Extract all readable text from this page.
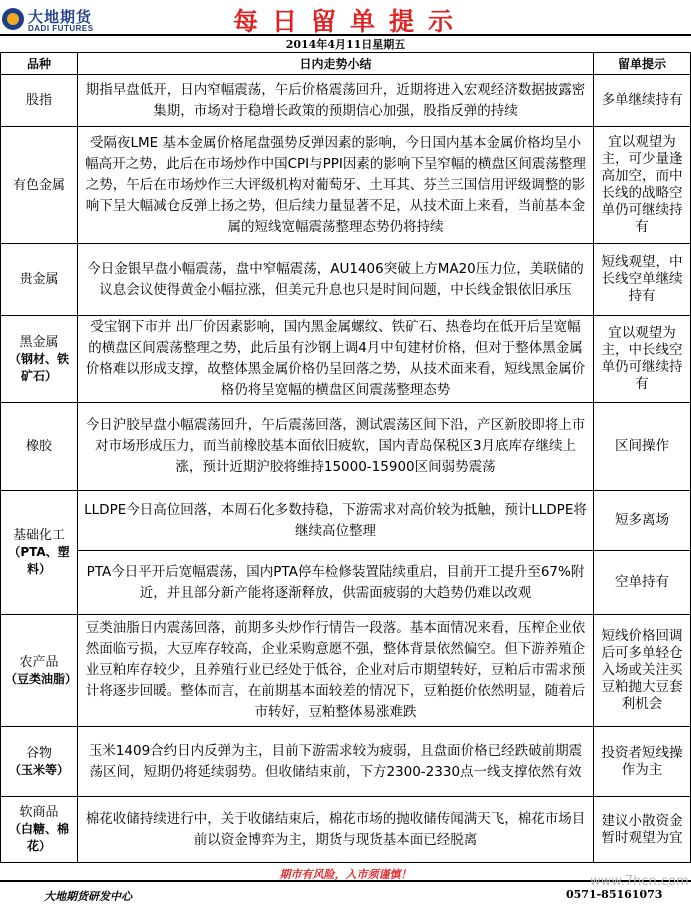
大地期货
DADI FUTURES	每日留单提示
2014年4月11日星期五
品种	日内走势小结	留单提示
股指	期指早盘低开，日内窄幅震荡，午后价格震荡回升，近期将进入宏观经济数据披露密集期，市场对于稳增长政策的预期信心加强，股指反弹的持续	多单继续持有
有色金属	受隔夜LME 基本金属价格尾盘强势反弹因素的影响，今日国内基本金属价格均呈小幅高开之势，此后在市场炒作中国CPI与PPI因素的影响下呈窄幅的横盘区间震荡整理之势，午后在市场炒作三大评级机构对葡萄牙、土耳其、芬兰三国信用评级调整的影响下呈大幅减仓反弹上扬之势，但后续力量显著不足，从技术面上来看，当前基本金属的短线宽幅震荡整理态势仍将持续	宜以观望为主，可少量逢高加空，而中长线的战略空单仍可继续持有
贵金属	今日金银早盘小幅震荡，盘中窄幅震荡，AU1406突破上方MA20压力位，美联储的议息会议使得黄金小幅拉涨，但美元升息也只是时间问题，中长线金银依旧承压	短线观望，中长线空单继续持有
黑金属
（钢材、铁矿石）	受宝钢下市并 出厂价因素影响，国内黑金属螺纹、铁矿石、热卷均在低开后呈宽幅的横盘区间震荡整理之势，此后虽有沙钢上调4月中旬建材价格，但对于整体黑金属价格难以形成支撑，故整体黑金属价格仍呈回落之势，从技术面来看，短线黑金属价格仍将呈宽幅的横盘区间震荡整理态势	宜以观望为主，中长线空单仍可继续持有
橡胶	今日沪胶早盘小幅震荡回升，午后震荡回落，测试震荡区间下沿，产区新胶即将上市对市场形成压力，而当前橡胶基本面依旧疲软，国内青岛保税区3月底库存继续上涨，预计近期沪胶将维持15000-15900区间弱势震荡	区间操作
基础化工
（PTA、塑料）	LLDPE今日高位回落，本周石化多数持稳，下游需求对高价较为抵触，预计LLDPE将继续高位整理	短多离场
	PTA今日平开后宽幅震荡，国内PTA停车检修装置陆续重启，目前开工提升至67%附近，并且部分新产能将逐渐释放，供需面疲弱的大趋势仍难以改观	空单持有
农产品
（豆类油脂）	豆类油脂日内震荡回落，前期多头炒作行情告一段落。基本面情况来看，压榨企业依然面临亏损，大豆库存较高，企业采购意愿不强，整体背景依然偏空。但下游养殖企业豆粕库存较少，且养殖行业已经处于低谷，企业对后市期望转好，豆粕后市需求预计将逐步回暖。整体而言，在前期基本面较差的情况下，豆粕挺价依然明显，随着后市转好，豆粕整体易涨难跌	短线价格回调后可多单轻仓入场或关注买豆粕抛大豆套利机会
谷物
（玉米等）	玉米1409合约日内反弹为主，目前下游需求较为疲弱，且盘面价格已经跌破前期震荡区间，短期仍将延续弱势。但收储结束前，下方2300-2330点一线支撑依然有效	投资者短线操作为主
软商品
（白糖、棉花）	棉花收储持续进行中，关于收储结束后，棉花市场的抛收储传闻满天飞，棉花市场目前以资金博弈为主，期货与现货基本面已经脱离	建议小散资金暂时观望为宜
期市有风险，入市须谨慎！
大地期货研发中心	0571-85161073
www.7hcn.com
